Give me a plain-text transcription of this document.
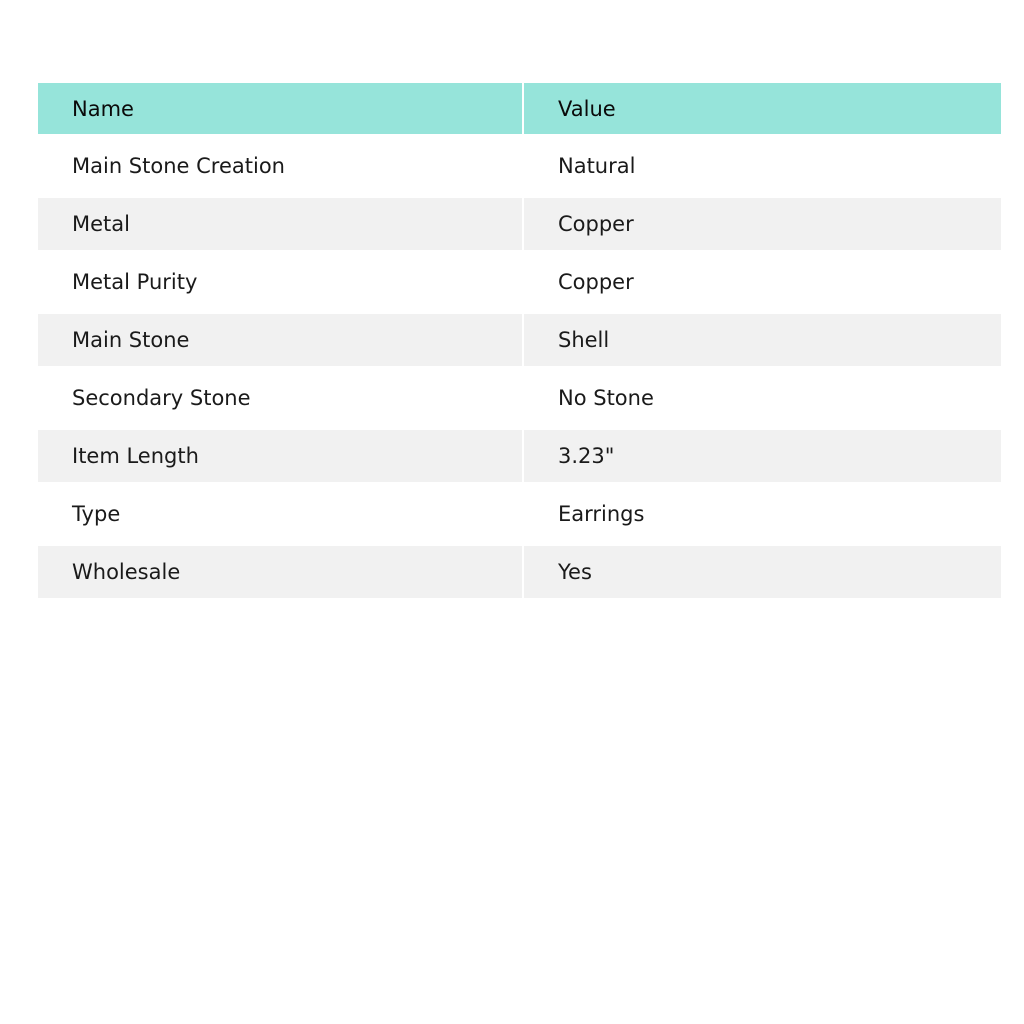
Name	Value
Main Stone Creation	Natural
Metal	Copper
Metal Purity	Copper
Main Stone	Shell
Secondary Stone	No Stone
Item Length	3.23"
Type	Earrings
Wholesale	Yes
